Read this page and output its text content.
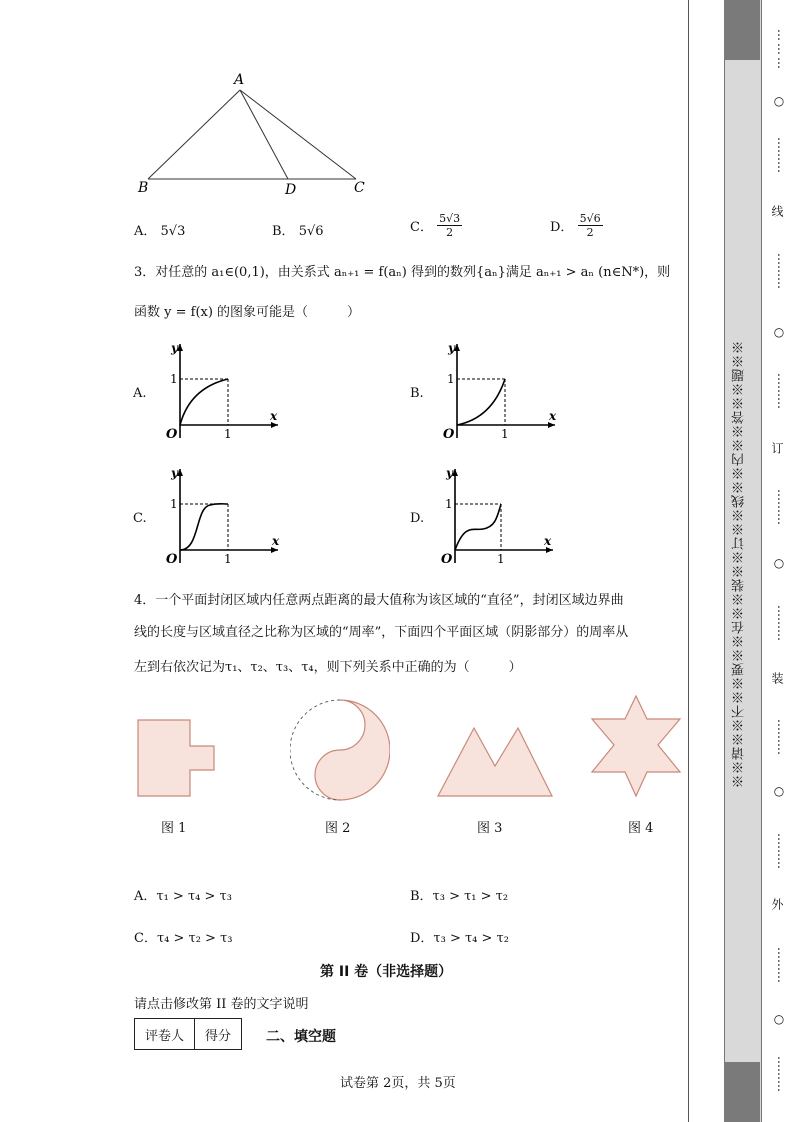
A
B	D	C
A． 5√3	B． 5√6	C． $\frac{5√3}{2}$	D． $\frac{5√6}{2}$
3．对任意的 a₁∈(0,1)，由关系式 aₙ₊₁ = f(aₙ) 得到的数列{aₙ}满足 aₙ₊₁ > aₙ (n∈N*)，则
函数 y = f(x) 的图象可能是（　　　）
A.	B.
C.	D.
y
x
O	1
1
y
x
O	1
1
y
x
O	1
1
y
x
O	1
1
4．一个平面封闭区域内任意两点距离的最大值称为该区域的“直径”，封闭区域边界曲
线的长度与区域直径之比称为区域的“周率”，下面四个平面区域（阴影部分）的周率从
左到右依次记为τ₁、τ₂、τ₃、τ₄，则下列关系中正确的为（　　　）
图 1	图 2	图 3	图 4
A．τ₁ > τ₄ > τ₃	B．τ₃ > τ₁ > τ₂
C．τ₄ > τ₂ > τ₃	D．τ₃ > τ₄ > τ₂
第 II 卷（非选择题）
请点击修改第 II 卷的文字说明
评卷人	得分 二、填空题
试卷第 2页，共 5页
※※请※※不※※要※※在※※装※※订※※线※※内※※答※※题※※
⋯⋯⋯
○
⋯⋯⋯
线
⋯⋯⋯
○
⋯⋯⋯
订
⋯⋯⋯
○
⋯⋯⋯
装
⋯⋯⋯
○
⋯⋯⋯
外
⋯⋯⋯
○
⋯⋯⋯
